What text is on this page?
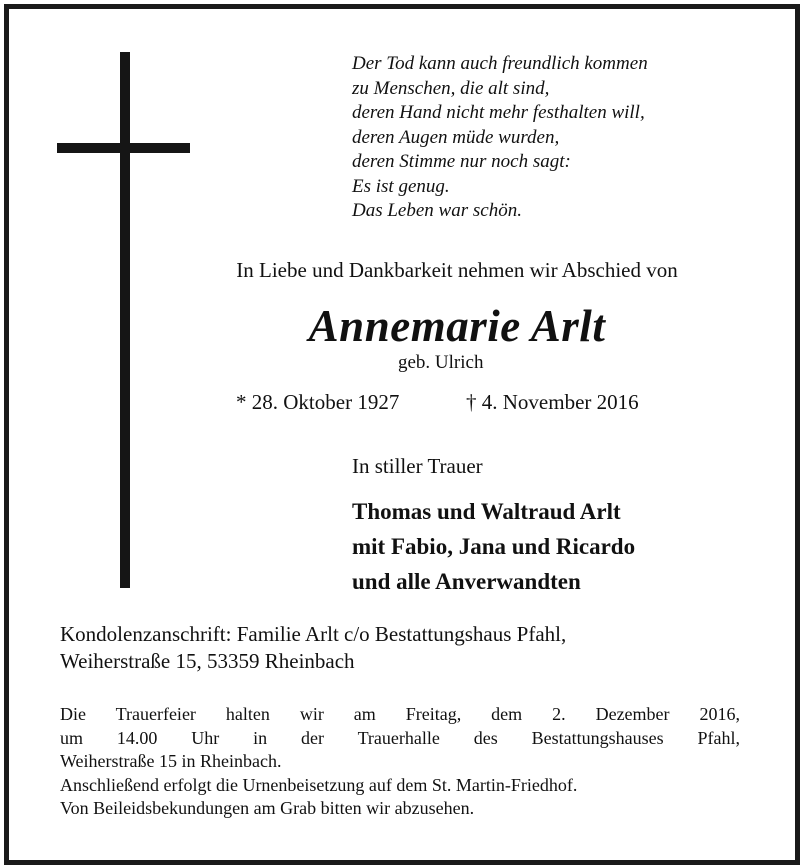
Der Tod kann auch freundlich kommen
zu Menschen, die alt sind,
deren Hand nicht mehr festhalten will,
deren Augen müde wurden,
deren Stimme nur noch sagt:
Es ist genug.
Das Leben war schön.
In Liebe und Dankbarkeit nehmen wir Abschied von
Annemarie Arlt
geb. Ulrich
* 28. Oktober 1927	† 4. November 2016
In stiller Trauer
Thomas und Waltraud Arlt
mit Fabio, Jana und Ricardo
und alle Anverwandten
Kondolenzanschrift: Familie Arlt c/o Bestattungshaus Pfahl,
Weiherstraße 15, 53359 Rheinbach
Die Trauerfeier halten wir am Freitag, dem 2. Dezember 2016,
um 14.00 Uhr in der Trauerhalle des Bestattungshauses Pfahl,
Weiherstraße 15 in Rheinbach.
Anschließend erfolgt die Urnenbeisetzung auf dem St. Martin-Friedhof.
Von Beileidsbekundungen am Grab bitten wir abzusehen.
